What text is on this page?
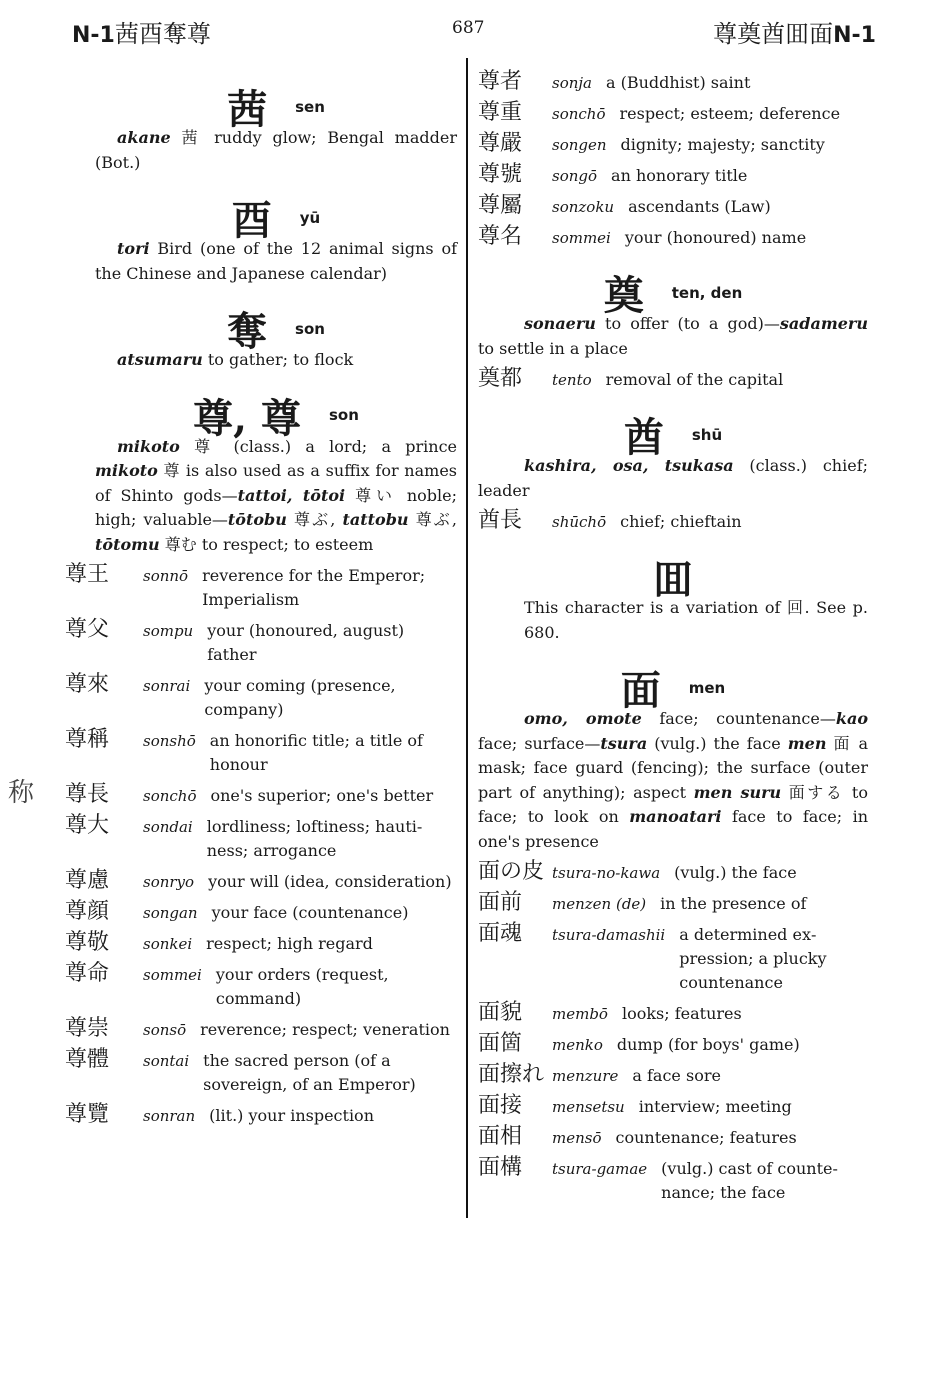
N-1茜酉奪尊	687	尊奠酋囬面N-1
称
茜 sen

akane 茜 ruddy glow; Bengal madder (Bot.)

酉 yū

tori Bird (one of the 12 animal signs of the Chinese and Japanese calendar)

奪 son

atsumaru to gather; to flock

尊, 尊 son

mikoto 尊 (class.) a lord; a prince mikoto 尊 is also used as a suffix for names of Shinto gods—tattoi, tōtoi 尊い noble; high; valuable—tōtobu 尊ぶ, tattobu 尊ぶ, tōtomu 尊む to respect; to esteem

尊王	sonnō reverence for the Emperor; Imperialism
尊父	sompu your (honoured, august) father
尊來	sonrai your coming (presence, company)
尊稱	sonshō an honorific title; a title of honour
尊長	sonchō one's superior; one's better
尊大	sondai lordliness; loftiness; hautiness; arrogance
尊慮	sonryo your will (idea, consideration)
尊顔	songan your face (countenance)
尊敬	sonkei respect; high regard
尊命	sommei your orders (request, command)
尊崇	sonsō reverence; respect; veneration
尊體	sontai the sacred person (of a sovereign, of an Emperor)
尊覽	sonran (lit.) your inspection
尊者	sonja a (Buddhist) saint
尊重	sonchō respect; esteem; deference
尊嚴	songen dignity; majesty; sanctity
尊號	songō an honorary title
尊屬	sonzoku ascendants (Law)
尊名	sommei your (honoured) name
奠 ten, den

sonaeru to offer (to a god)—sadameru to settle in a place

奠都	tento removal of the capital
酋 shū

kashira, osa, tsukasa (class.) chief; leader

酋長	shūchō chief; chieftain
囬

This character is a variation of 回. See p. 680.

面 men

omo, omote face; countenance—kao face; surface—tsura (vulg.) the face men 面 a mask; face guard (fencing); the surface (outer part of anything); aspect men suru 面する to face; to look on manoatari face to face; in one's presence

面の皮 tsura-no-kawa (vulg.) the face
面前	menzen (de) in the presence of
面魂	tsura-damashii a determined expression; a plucky countenance
面貌	membō looks; features
面箇	menko dump (for boys' game)
面擦れ menzure a face sore
面接	mensetsu interview; meeting
面相	mensō countenance; features
面構	tsura-gamae (vulg.) cast of countenance; the face
